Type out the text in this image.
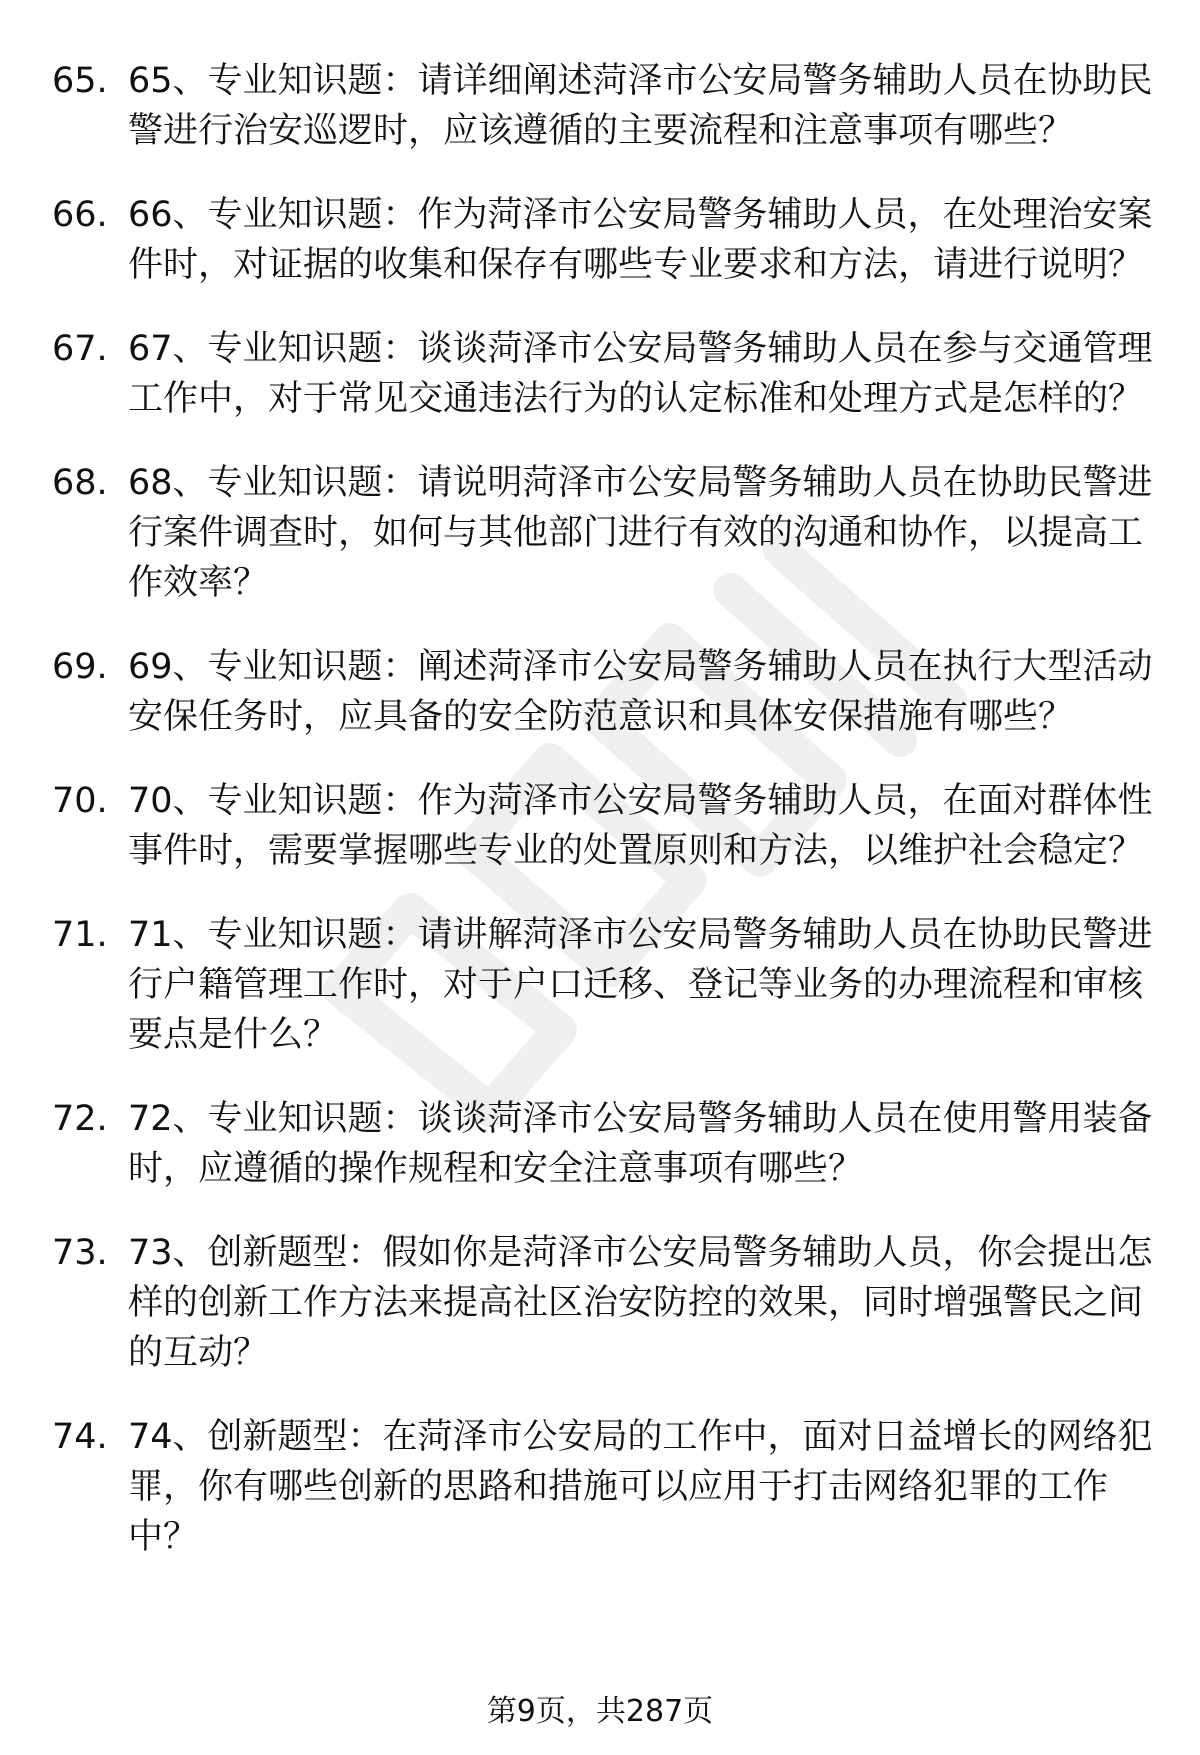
65. 65、专业知识题：请详细阐述菏泽市公安局警务辅助人员在协助民警进行治安巡逻时，应该遵循的主要流程和注意事项有哪些？
66. 66、专业知识题：作为菏泽市公安局警务辅助人员，在处理治安案件时，对证据的收集和保存有哪些专业要求和方法，请进行说明？
67. 67、专业知识题：谈谈菏泽市公安局警务辅助人员在参与交通管理工作中，对于常见交通违法行为的认定标准和处理方式是怎样的？
68. 68、专业知识题：请说明菏泽市公安局警务辅助人员在协助民警进行案件调查时，如何与其他部门进行有效的沟通和协作，以提高工作效率？
69. 69、专业知识题：阐述菏泽市公安局警务辅助人员在执行大型活动安保任务时，应具备的安全防范意识和具体安保措施有哪些？
70. 70、专业知识题：作为菏泽市公安局警务辅助人员，在面对群体性事件时，需要掌握哪些专业的处置原则和方法，以维护社会稳定？
71. 71、专业知识题：请讲解菏泽市公安局警务辅助人员在协助民警进行户籍管理工作时，对于户口迁移、登记等业务的办理流程和审核要点是什么？
72. 72、专业知识题：谈谈菏泽市公安局警务辅助人员在使用警用装备时，应遵循的操作规程和安全注意事项有哪些？
73. 73、创新题型：假如你是菏泽市公安局警务辅助人员，你会提出怎样的创新工作方法来提高社区治安防控的效果，同时增强警民之间的互动？
74. 74、创新题型：在菏泽市公安局的工作中，面对日益增长的网络犯罪，你有哪些创新的思路和措施可以应用于打击网络犯罪的工作中？
第9页，共287页
